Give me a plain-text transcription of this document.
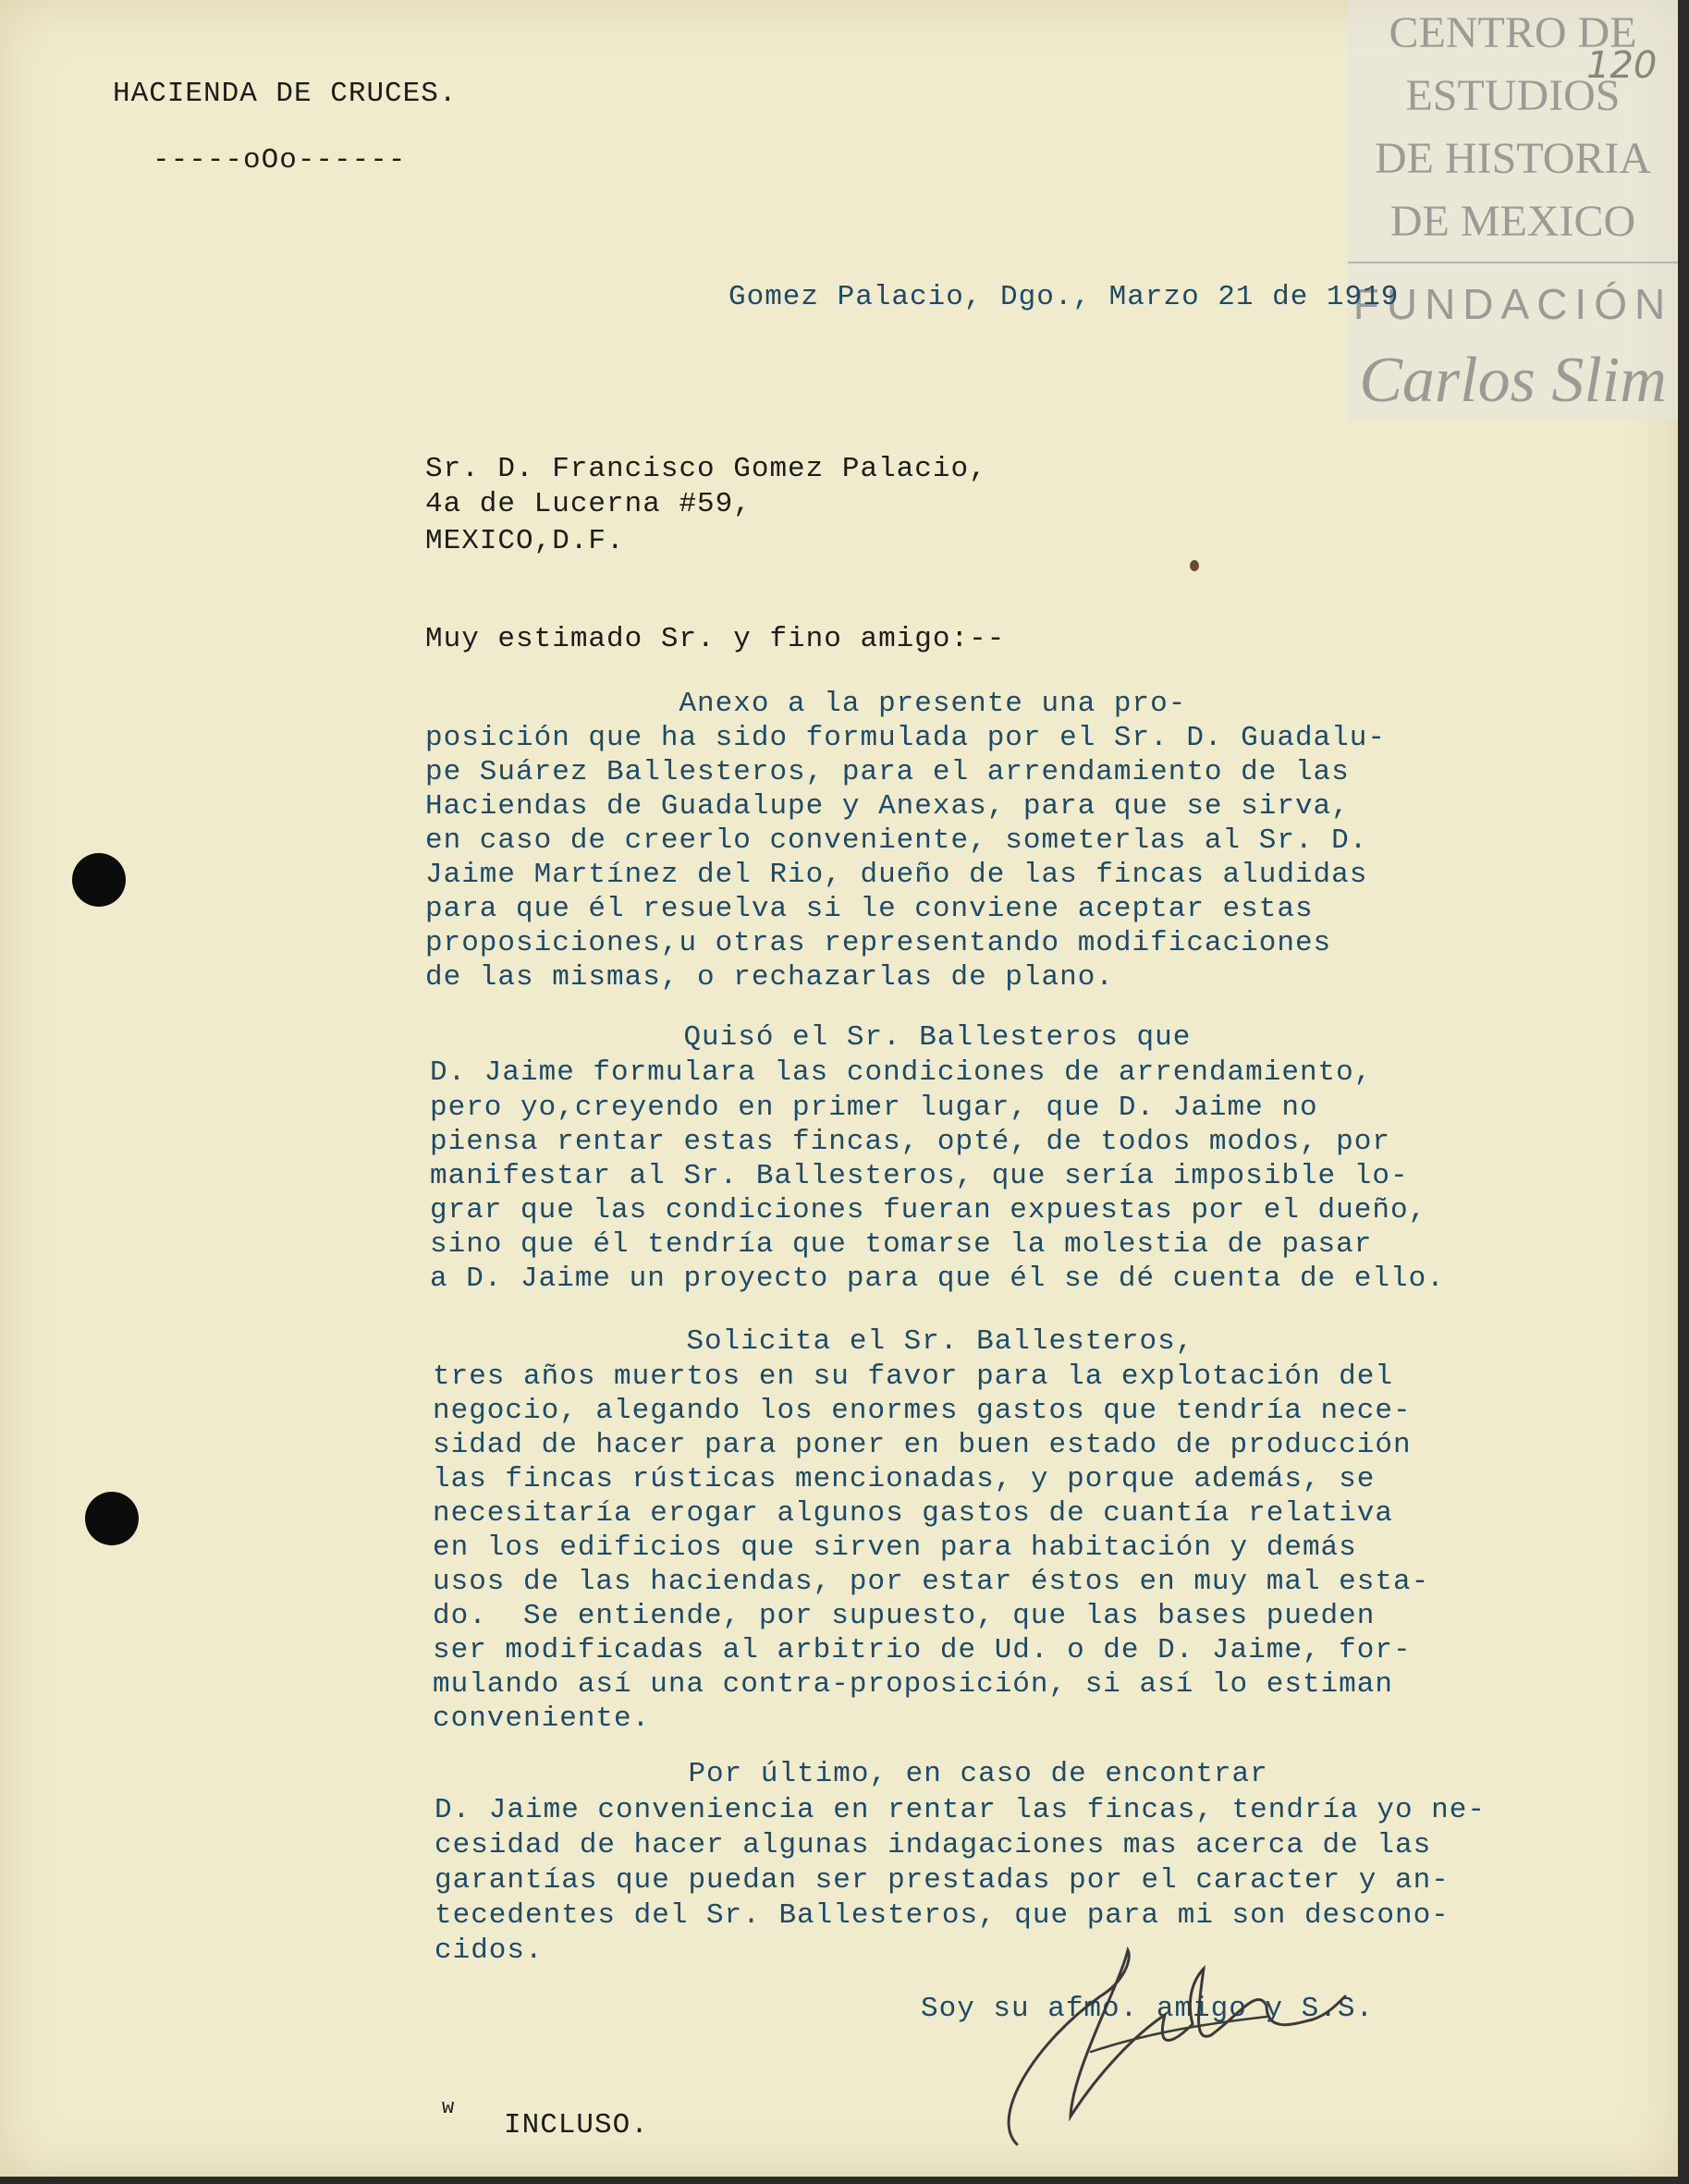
CENTRO DE
ESTUDIOS
DE HISTORIA
DE MEXICO
FUNDACIÓN
Carlos Slim
120
HACIENDA DE CRUCES.
-----oOo------
Gomez Palacio, Dgo., Marzo 21 de 1919
Sr. D. Francisco Gomez Palacio,
4a de Lucerna #59,
MEXICO,D.F.
Muy estimado Sr. y fino amigo:--
Anexo a la presente una pro-
posición que ha sido formulada por el Sr. D. Guadalu-
pe Suárez Ballesteros, para el arrendamiento de las
Haciendas de Guadalupe y Anexas, para que se sirva,
en caso de creerlo conveniente, someterlas al Sr. D.
Jaime Martínez del Rio, dueño de las fincas aludidas
para que él resuelva si le conviene aceptar estas
proposiciones,u otras representando modificaciones
de las mismas, o rechazarlas de plano.
Quisó el Sr. Ballesteros que
D. Jaime formulara las condiciones de arrendamiento,
pero yo,creyendo en primer lugar, que D. Jaime no
piensa rentar estas fincas, opté, de todos modos, por
manifestar al Sr. Ballesteros, que sería imposible lo-
grar que las condiciones fueran expuestas por el dueño,
sino que él tendría que tomarse la molestia de pasar
a D. Jaime un proyecto para que él se dé cuenta de ello.
Solicita el Sr. Ballesteros,
tres años muertos en su favor para la explotación del
negocio, alegando los enormes gastos que tendría nece-
sidad de hacer para poner en buen estado de producción
las fincas rústicas mencionadas, y porque además, se
necesitaría erogar algunos gastos de cuantía relativa
en los edificios que sirven para habitación y demás
usos de las haciendas, por estar éstos en muy mal esta-
do.  Se entiende, por supuesto, que las bases pueden
ser modificadas al arbitrio de Ud. o de D. Jaime, for-
mulando así una contra-proposición, si así lo estiman
conveniente.
Por último, en caso de encontrar
D. Jaime conveniencia en rentar las fincas, tendría yo ne-
cesidad de hacer algunas indagaciones mas acerca de las
garantías que puedan ser prestadas por el caracter y an-
tecedentes del Sr. Ballesteros, que para mi son descono-
cidos.
Soy su afmo. amigo y S.S.
w
INCLUSO.
